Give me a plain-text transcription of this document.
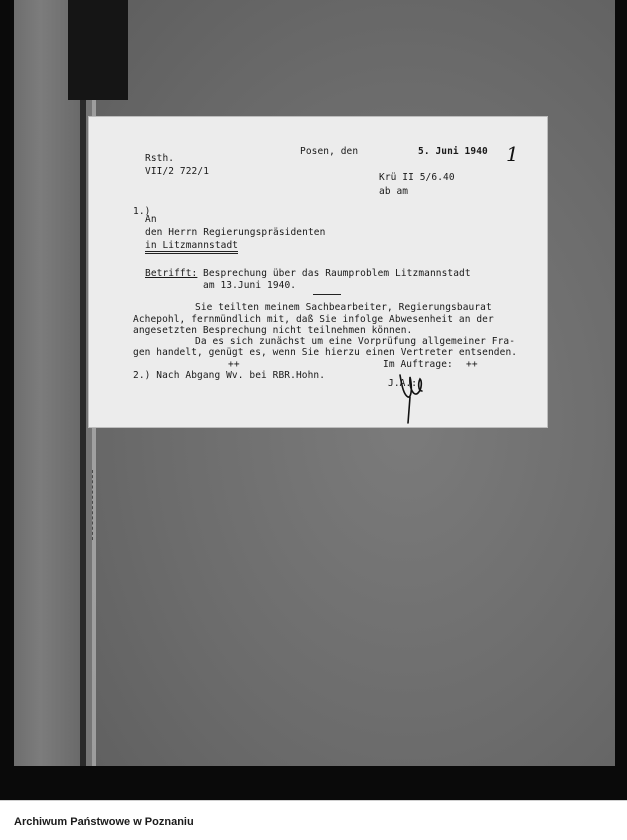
Rsth.
VII/2 722/1
Posen, den	5. Juni 1940 1
Krü II 5/6.40
ab am
1.)
An
den Herrn Regierungspräsidenten
in Litzmannstadt
Betrifft: Besprechung über das Raumproblem Litzmannstadt
am 13.Juni 1940.
Sie teilten meinem Sachbearbeiter, Regierungsbaurat
Achepohl, fernmündlich mit, daß Sie infolge Abwesenheit an der
angesetzten Besprechung nicht teilnehmen können.
Da es sich zunächst um eine Vorprüfung allgemeiner Fra-
gen handelt, genügt es, wenn Sie hierzu einen Vertreter entsenden.
++	Im Auftrage: ++
2.) Nach Abgang Wv. bei RBR.Hohn.
J.A.:
Archiwum Państwowe w Poznaniu
